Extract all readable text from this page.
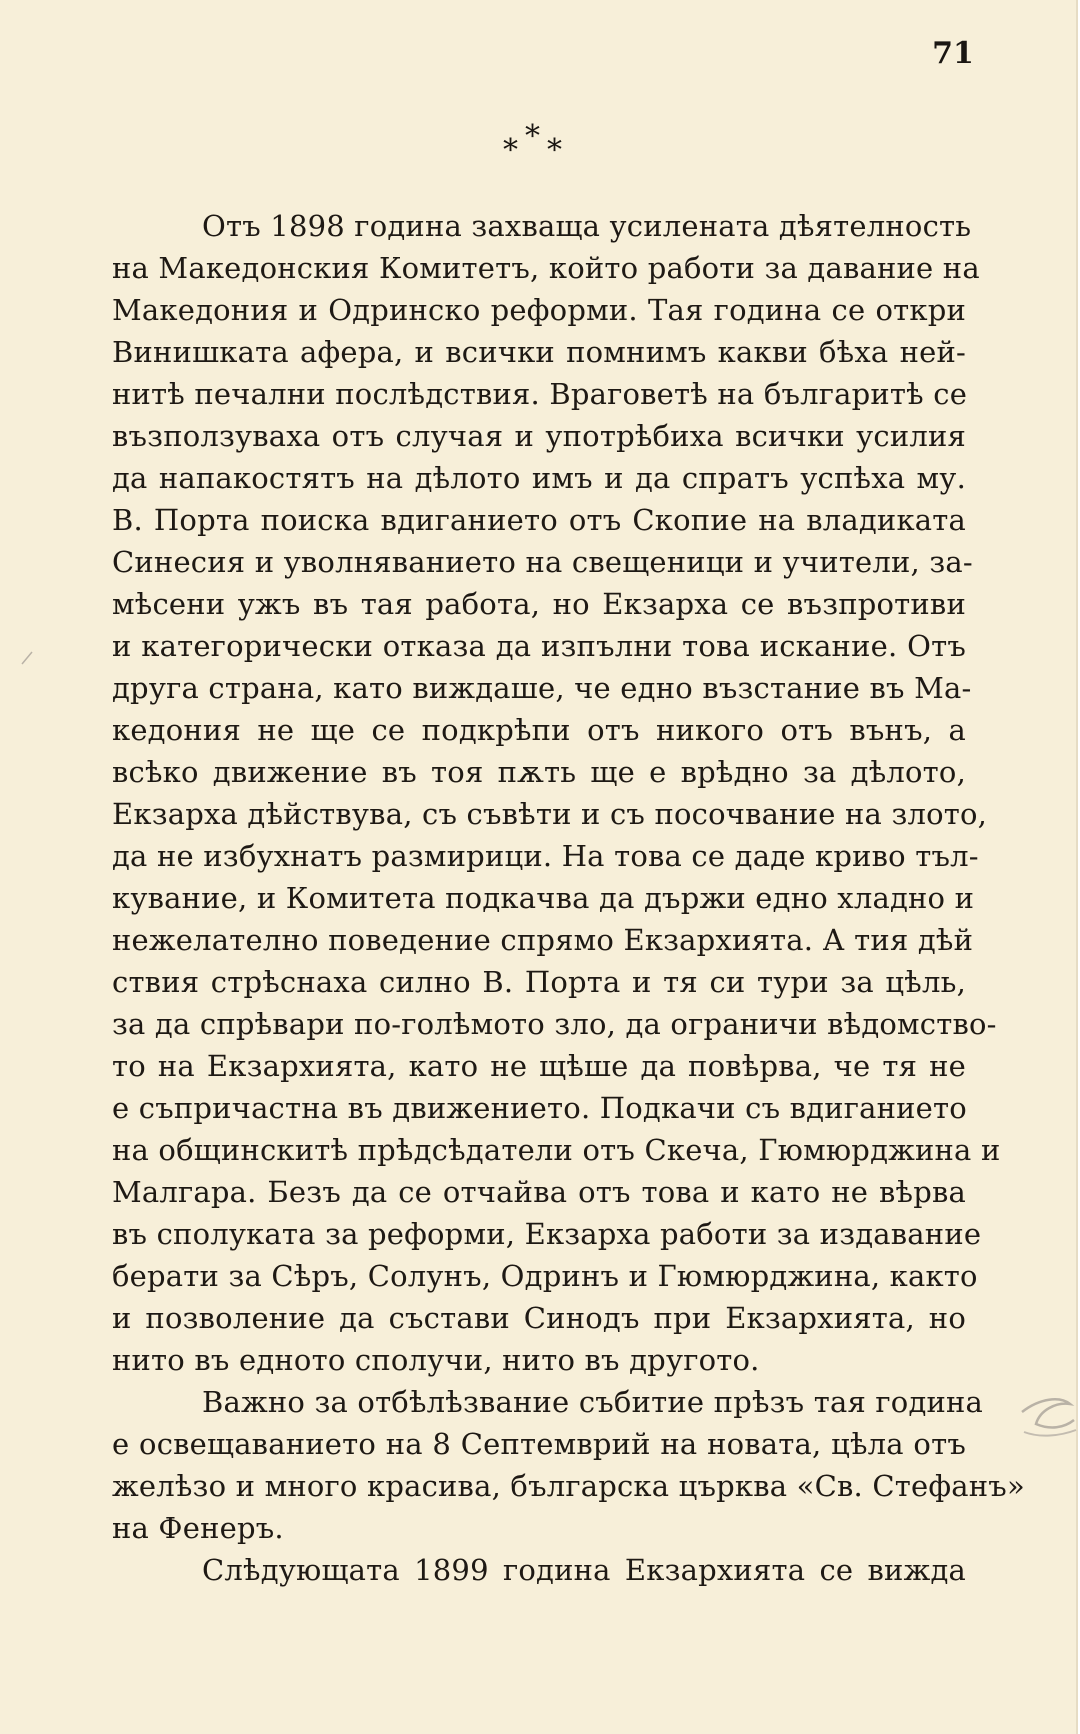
71
* * *
Отъ 1898 година захваща усилената дѣятелность
на Македонския Комитетъ, който работи за давание на
Македония и Одринско реформи. Тая година се откри
Винишката афера, и всички помнимъ какви бѣха ней-
нитѣ печални послѣдствия. Враговетѣ на българитѣ се
възползуваха отъ случая и употрѣбиха всички усилия
да напакостятъ на дѣлото имъ и да спратъ успѣха му.
В. Порта поиска вдиганието отъ Скопие на владиката
Синесия и уволняванието на свещеници и учители, за-
мѣсени ужъ въ тая работа, но Екзарха се възпротиви
и категорически отказа да изпълни това искание. Отъ
друга страна, като виждаше, че едно възстание въ Ма-
кедония не ще се подкрѣпи отъ никого отъ вънъ, а
всѣко движение въ тоя пѫть ще е врѣдно за дѣлото,
Екзарха дѣйствува, съ съвѣти и съ посочвание на злото,
да не избухнатъ размирици. На това се даде криво тъл-
кувание, и Комитета подкачва да държи едно хладно и
нежелателно поведение спрямо Екзархията. А тия дѣй
ствия стрѣснаха силно В. Порта и тя си тури за цѣль,
за да спрѣвари по-голѣмото зло, да ограничи вѣдомство-
то на Екзархията, като не щѣше да повѣрва, че тя не
е съпричастна въ движението. Подкачи съ вдиганието
на общинскитѣ прѣдсѣдатели отъ Скеча, Гюмюрджина и
Малгара. Безъ да се отчайва отъ това и като не вѣрва
въ сполуката за реформи, Екзарха работи за издавание
берати за Сѣръ, Солунъ, Одринъ и Гюмюрджина, както
и позволение да състави Синодъ при Екзархията, но
нито въ едното сполучи, нито въ другото.
Важно за отбѣлѣзвание събитие прѣзъ тая година
е освещаванието на 8 Септемврий на новата, цѣла отъ
желѣзо и много красива, българска църква «Св. Стефанъ»
на Фенеръ.
Слѣдующата 1899 година Екзархията се вижда
